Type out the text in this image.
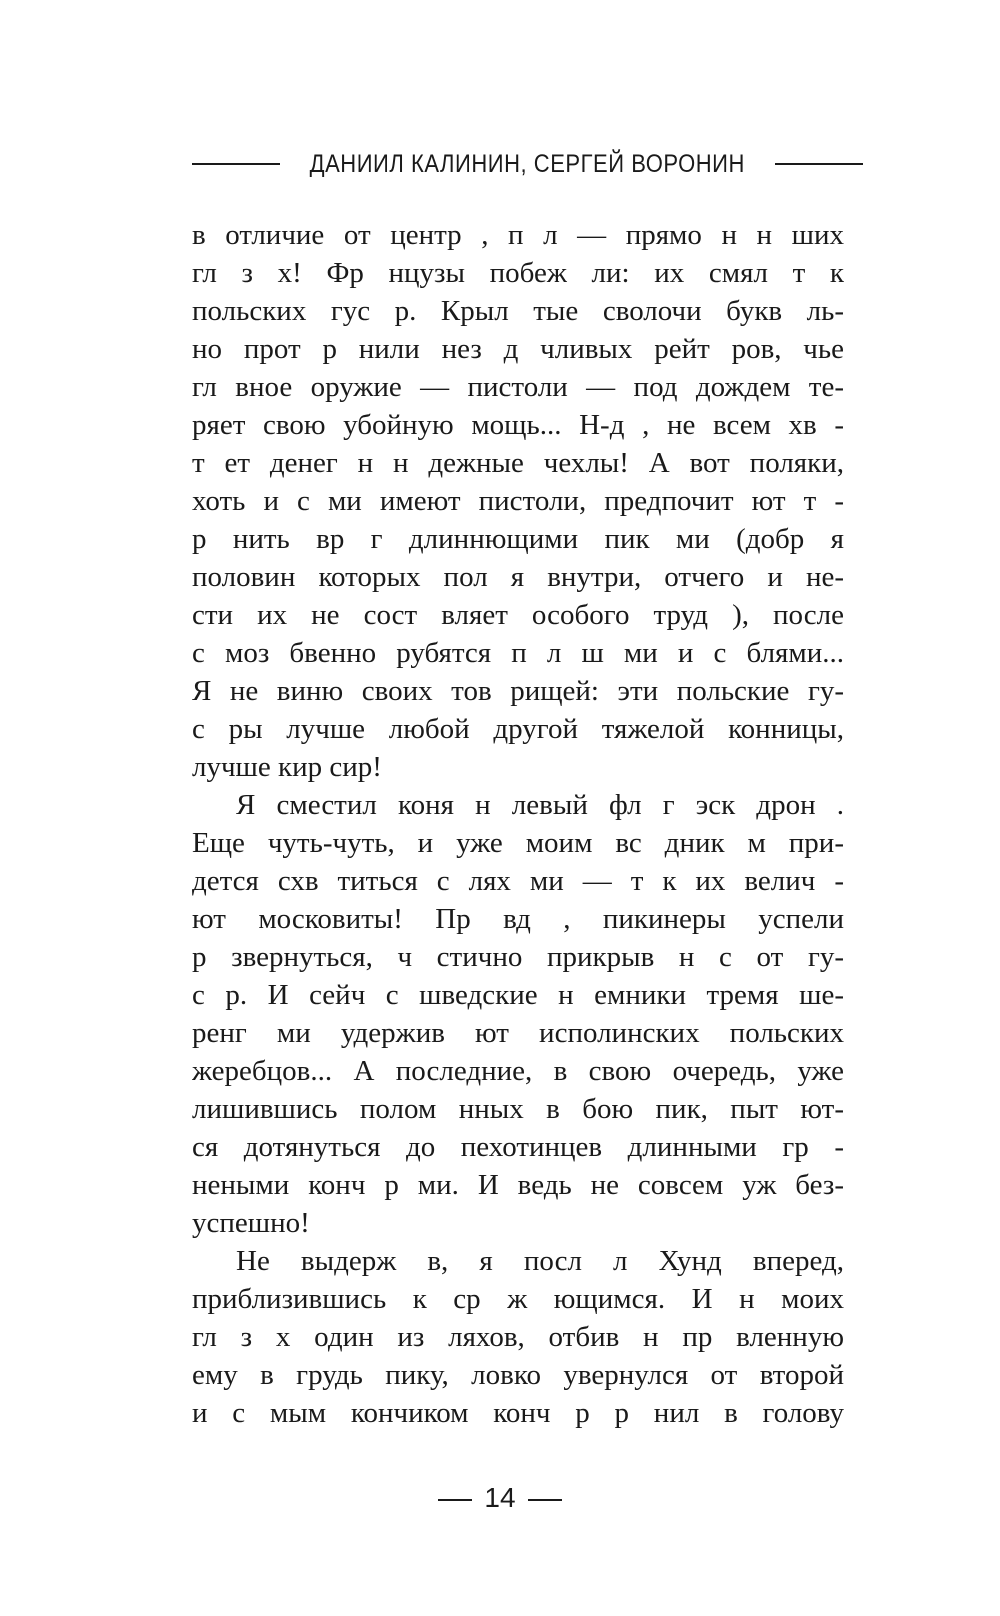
ДАНИИЛ КАЛИНИН, СЕРГЕЙ ВОРОНИН
в отличие от центр , п л — прямо н н ших
гл з х! Фр нцузы побеж ли: их смял т к
польских гус р. Крыл тые сволочи букв ль-
но прот р нили нез д чливых рейт ров, чье
гл вное оружие — пистоли — под дождем те-
ряет свою убойную мощь... Н-д , не всем хв -
т ет денег н н дежные чехлы! А вот поляки,
хоть и с ми имеют пистоли, предпочит ют т -
р нить вр г длиннющими пик ми (добр я
половин которых пол я внутри, отчего и не-
сти их не сост вляет особого труд ), после
с моз бвенно рубятся п л ш ми и с блями...
Я не виню своих тов рищей: эти польские гу-
с ры лучше любой другой тяжелой конницы,
лучше кир сир!
Я сместил коня н левый фл г эск дрон .
Еще чуть-чуть, и уже моим вс дник м при-
дется схв титься с лях ми — т к их велич -
ют московиты! Пр вд , пикинеры успели
р звернуться, ч стично прикрыв н с от гу-
с р. И сейч с шведские н емники тремя ше-
ренг ми удержив ют исполинских польских
жеребцов... А последние, в свою очередь, уже
лишившись полом нных в бою пик, пыт ют-
ся дотянуться до пехотинцев длинными гр -
неными конч р ми. И ведь не совсем уж без-
успешно!
Не выдерж в, я посл л Хунд вперед,
приблизившись к ср ж ющимся. И н моих
гл з х один из ляхов, отбив н пр вленную
ему в грудь пику, ловко увернулся от второй
и с мым кончиком конч р р нил в голову
14
